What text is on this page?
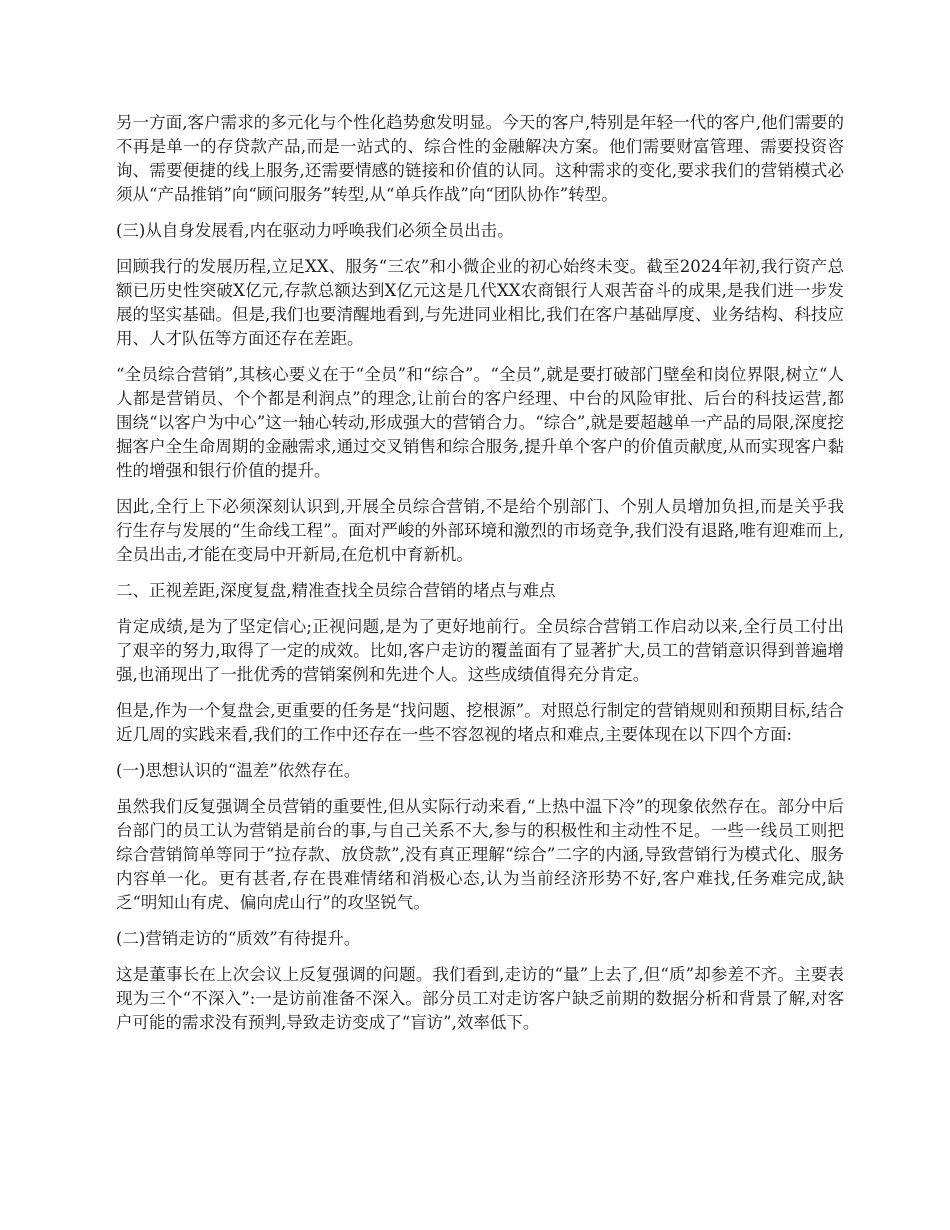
另一方面,客户需求的多元化与个性化趋势愈发明显。今天的客户,特别是年轻一代的客户,他们需要的不再是单一的存贷款产品,而是一站式的、综合性的金融解决方案。他们需要财富管理、需要投资咨询、需要便捷的线上服务,还需要情感的链接和价值的认同。这种需求的变化,要求我们的营销模式必须从“产品推销”向“顾问服务”转型,从“单兵作战”向“团队协作”转型。

(三)从自身发展看,内在驱动力呼唤我们必须全员出击。

回顾我行的发展历程,立足XX、服务“三农”和小微企业的初心始终未变。截至2024年初,我行资产总额已历史性突破X亿元,存款总额达到X亿元这是几代XX农商银行人艰苦奋斗的成果,是我们进一步发展的坚实基础。但是,我们也要清醒地看到,与先进同业相比,我们在客户基础厚度、业务结构、科技应用、人才队伍等方面还存在差距。

“全员综合营销”,其核心要义在于“全员”和“综合”。“全员”,就是要打破部门壁垒和岗位界限,树立“人人都是营销员、个个都是利润点”的理念,让前台的客户经理、中台的风险审批、后台的科技运营,都围绕“以客户为中心”这一轴心转动,形成强大的营销合力。“综合”,就是要超越单一产品的局限,深度挖掘客户全生命周期的金融需求,通过交叉销售和综合服务,提升单个客户的价值贡献度,从而实现客户黏性的增强和银行价值的提升。

因此,全行上下必须深刻认识到,开展全员综合营销,不是给个别部门、个别人员增加负担,而是关乎我行生存与发展的“生命线工程”。面对严峻的外部环境和激烈的市场竞争,我们没有退路,唯有迎难而上,全员出击,才能在变局中开新局,在危机中育新机。

二、正视差距,深度复盘,精准查找全员综合营销的堵点与难点

肯定成绩,是为了坚定信心;正视问题,是为了更好地前行。全员综合营销工作启动以来,全行员工付出了艰辛的努力,取得了一定的成效。比如,客户走访的覆盖面有了显著扩大,员工的营销意识得到普遍增强,也涌现出了一批优秀的营销案例和先进个人。这些成绩值得充分肯定。

但是,作为一个复盘会,更重要的任务是“找问题、挖根源”。对照总行制定的营销规则和预期目标,结合近几周的实践来看,我们的工作中还存在一些不容忽视的堵点和难点,主要体现在以下四个方面:

(一)思想认识的“温差”依然存在。

虽然我们反复强调全员营销的重要性,但从实际行动来看,“上热中温下冷”的现象依然存在。部分中后台部门的员工认为营销是前台的事,与自己关系不大,参与的积极性和主动性不足。一些一线员工则把综合营销简单等同于“拉存款、放贷款”,没有真正理解“综合”二字的内涵,导致营销行为模式化、服务内容单一化。更有甚者,存在畏难情绪和消极心态,认为当前经济形势不好,客户难找,任务难完成,缺乏“明知山有虎、偏向虎山行”的攻坚锐气。

(二)营销走访的“质效”有待提升。

这是董事长在上次会议上反复强调的问题。我们看到,走访的“量”上去了,但“质”却参差不齐。主要表现为三个“不深入”:一是访前准备不深入。部分员工对走访客户缺乏前期的数据分析和背景了解,对客户可能的需求没有预判,导致走访变成了“盲访”,效率低下。
